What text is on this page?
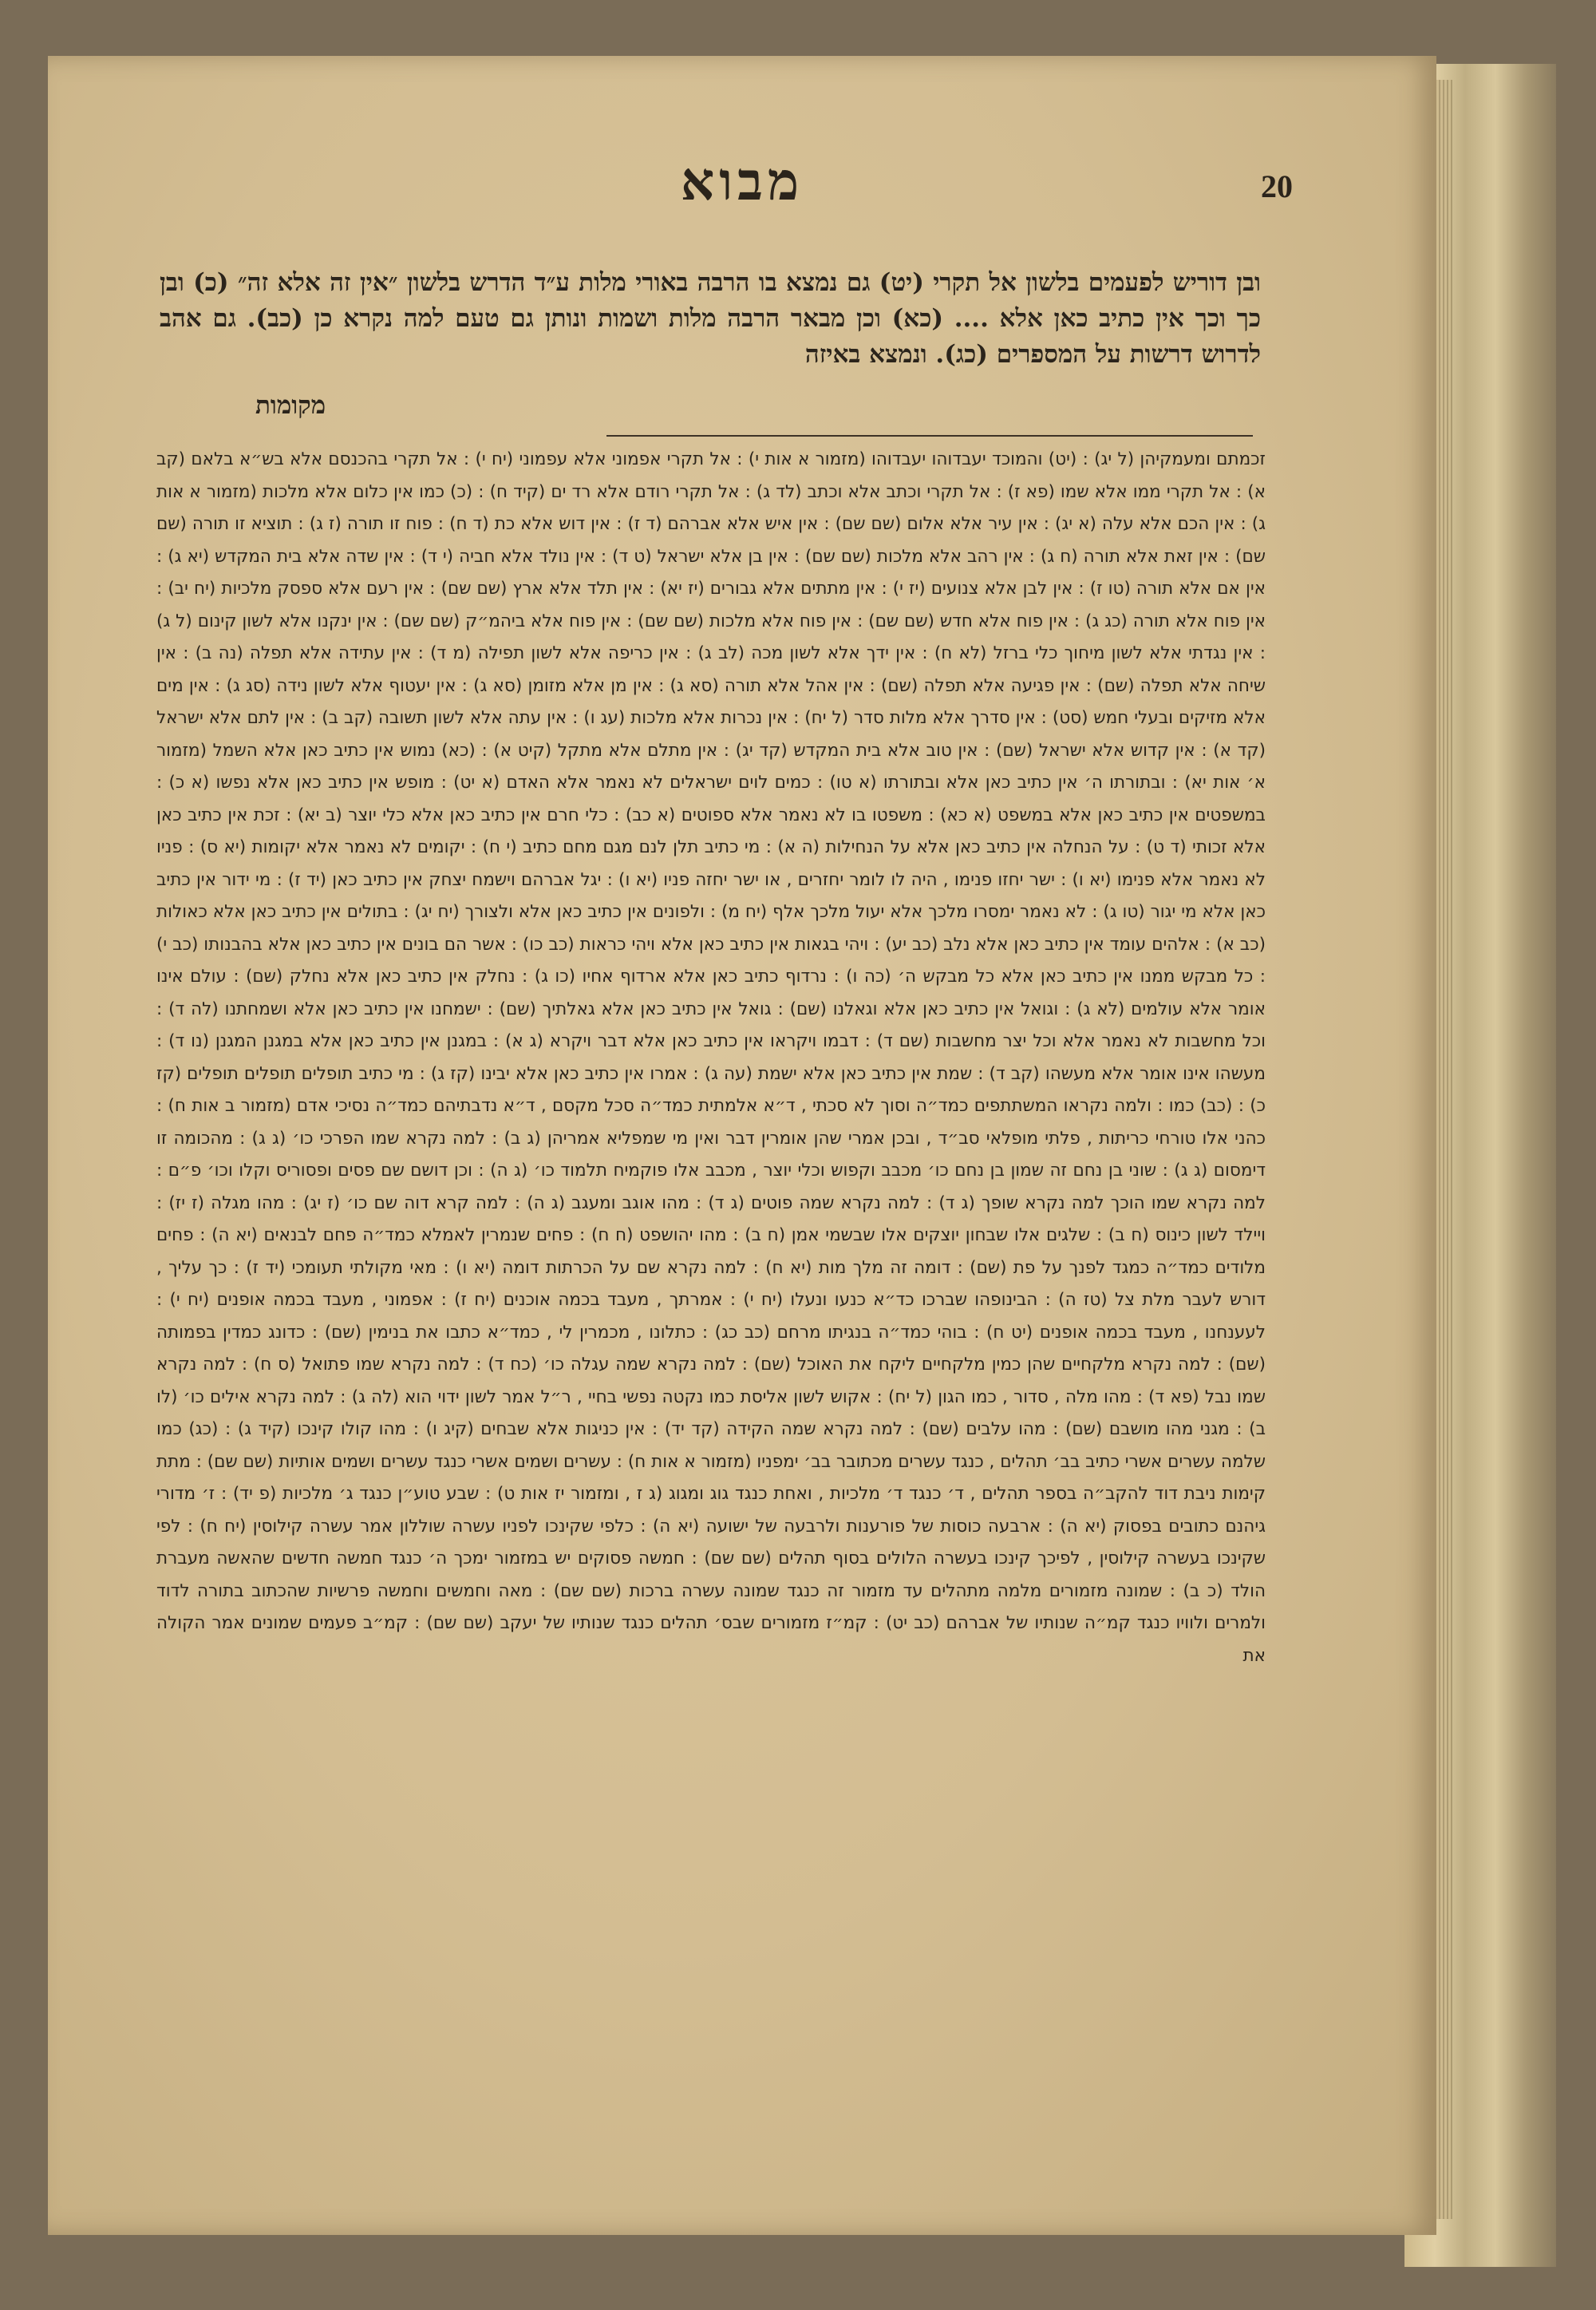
20
מבוא

ובן דוריש לפעמים בלשון אל תקרי (יט) גם נמצא בו הרבה באורי מלות ע״ד הדרש בלשון ״אין זה אלא זה״ (כ) ובן כך וכך אין כתיב כאן אלא .... (כא) וכן מבאר הרבה מלות ושמות ונותן גם טעם למה נקרא כן (כב). גם אהב לדרוש דרשות על המספרים (כג). ונמצא באיזה

מקומות

זכמתם ומעמקיהן (ל יג) : (יט) והמוכד יעבדוהו יעבדוהו (מזמור א אות י) : אל תקרי אפמוני אלא עפמוני (יח י) : אל תקרי בהכנסם אלא בש״א בלאם (קב א) : אל תקרי ממו אלא שמו (פא ז) : אל תקרי וכתב אלא וכתב (לד ג) : אל תקרי רודם אלא רד ים (קיד ח) : (כ) כמו אין כלום אלא מלכות (מזמור א אות ג) : אין הכם אלא עלה (א יג) : אין עיר אלא אלום (שם שם) : אין איש אלא אברהם (ד ז) : אין דוש אלא כת (ד ח) : פוח זו תורה (ז ג) : תוציא זו תורה (שם שם) : אין זאת אלא תורה (ח ג) : אין רהב אלא מלכות (שם שם) : אין בן אלא ישראל (ט ד) : אין נולד אלא חביה (י ד) : אין שדה אלא בית המקדש (יא ג) : אין אם אלא תורה (טו ז) : אין לבן אלא צנועים (יז י) : אין מתתים אלא גבורים (יז יא) : אין תלד אלא ארץ (שם שם) : אין רעם אלא ספסק מלכיות (יח יב) : אין פוח אלא תורה (כג ג) : אין פוח אלא חדש (שם שם) : אין פוח אלא מלכות (שם שם) : אין פוח אלא ביהמ״ק (שם שם) : אין ינקנו אלא לשון קינום (ל ג) : אין נגדתי אלא לשון מיחוך כלי ברזל (לא ח) : אין ידך אלא לשון מכה (לב ג) : אין כריפה אלא לשון תפילה (מ ד) : אין עתידה אלא תפלה (נה ב) : אין שיחה אלא תפלה (שם) : אין פגיעה אלא תפלה (שם) : אין אהל אלא תורה (סא ג) : אין מן אלא מזומן (סא ג) : אין יעטוף אלא לשון נידה (סג ג) : אין מים אלא מזיקים ובעלי חמש (סט) : אין סדרך אלא מלות סדר (ל יח) : אין נכרות אלא מלכות (עג ו) : אין עתה אלא לשון תשובה (קב ב) : אין לתם אלא ישראל (קד א) : אין קדוש אלא ישראל (שם) : אין טוב אלא בית המקדש (קד יג) : אין מתלם אלא מתקל (קיט א) : (כא) נמוש אין כתיב כאן אלא השמל (מזמור א׳ אות יא) : ובתורתו ה׳ אין כתיב כאן אלא ובתורתו (א טו) : כמים לוים ישראלים לא נאמר אלא האדם (א יט) : מופש אין כתיב כאן אלא נפשו (א כ) : במשפטים אין כתיב כאן אלא במשפט (א כא) : משפטו בו לא נאמר אלא ספוטים (א כב) : כלי חרם אין כתיב כאן אלא כלי יוצר (ב יא) : זכת אין כתיב כאן אלא זכותי (ד ט) : על הנחלה אין כתיב כאן אלא על הנחילות (ה א) : מי כתיב תלן לנם מגם מחם כתיב (י ח) : יקומים לא נאמר אלא יקומות (יא ס) : פניו לא נאמר אלא פנימו (יא ו) : ישר יחזו פנימו , היה לו לומר יחזרים , או ישר יחזה פניו (יא ו) : יגל אברהם וישמח יצחק אין כתיב כאן (יד ז) : מי ידור אין כתיב כאן אלא מי יגור (טו ג) : לא נאמר ימסרו מלכך אלא יעול מלכך אלף (יח מ) : ולפונים אין כתיב כאן אלא ולצורך (יח יג) : בתולים אין כתיב כאן אלא כאולות (כב א) : אלהים עומד אין כתיב כאן אלא נלב (כב יע) : ויהי בגאות אין כתיב כאן אלא ויהי כראות (כב כו) : אשר הם בונים אין כתיב כאן אלא בהבנותו (כב י) : כל מבקש ממנו אין כתיב כאן אלא כל מבקש ה׳ (כה ו) : נרדוף כתיב כאן אלא ארדוף אחיו (כו ג) : נחלק אין כתיב כאן אלא נחלק (שם) : עולם אינו אומר אלא עולמים (לא ג) : וגואל אין כתיב כאן אלא וגאלנו (שם) : גואל אין כתיב כאן אלא גאלתיך (שם) : ישמחנו אין כתיב כאן אלא ושמחתנו (לה ד) : וכל מחשבות לא נאמר אלא וכל יצר מחשבות (שם ד) : דבמו ויקראו אין כתיב כאן אלא דבר ויקרא (ג א) : במגנן אין כתיב כאן אלא במגנן המגנן (נו ד) : מעשהו אינו אומר אלא מעשהו (קב ד) : שמת אין כתיב כאן אלא ישמת (עה ג) : אמרו אין כתיב כאן אלא יבינו (קז ג) : מי כתיב תופלים תופלים תופלים (קז כ) : (כב) כמו : ולמה נקראו המשתתפים כמד״ה וסוך לא סכתי , ד״א אלמתית כמד״ה סכל מקסם , ד״א נדבתיהם כמד״ה נסיכי אדם (מזמור ב אות ח) : כהני אלו טורחי כריתות , פלתי מופלאי סב״ד , ובכן אמרי שהן אומרין דבר ואין מי שמפליא אמריהן (ג ב) : למה נקרא שמו הפרכי כו׳ (ג ג) : מהכומה זו דימסום (ג ג) : שוני בן נחם זה שמון בן נחם כו׳ מכבב וקפוש וכלי יוצר , מכבב אלו פוקמיח תלמוד כו׳ (ג ה) : וכן דושם שם פסים ופסוריס וקלו וכו׳ פ״ם : למה נקרא שמו הוכך למה נקרא שופך (ג ד) : למה נקרא שמה פוטים (ג ד) : מהו אוגב ומעגב (ג ה) : למה קרא דוה שם כו׳ (ז יג) : מהו מגלה (ז יז) : ויילד לשון כינוס (ח ב) : שלגים אלו שבחון יוצקים אלו שבשמי אמן (ח ב) : מהו יהושפט (ח ח) : פחים שנמרין לאמלא כמד״ה פחם לבנאים (יא ה) : פחים מלודים כמד״ה כמגד לפנך על פת (שם) : דומה זה מלך מות (יא ח) : למה נקרא שם על הכרתות דומה (יא ו) : מאי מקולתי תעומכי (יד ז) : כך עליך , דורש לעבר מלת צל (טז ה) : הבינופהו שברכו כד״א כנעו ונעלו (יח י) : אמרתך , מעבד בכמה אוכנים (יח ז) : אפמוני , מעבד בכמה אופנים (יח י) : לעענחנו , מעבד בכמה אופנים (יט ח) : בוהי כמד״ה בנגיתו מרחם (כב כג) : כתלונו , מכמרין לי , כמד״א כתבו את בנימין (שם) : כדונג כמדין בפמותה (שם) : למה נקרא מלקחיים שהן כמין מלקחיים ליקח את האוכל (שם) : למה נקרא שמה עגלה כו׳ (כח ד) : למה נקרא שמו פתואל (ס ח) : למה נקרא שמו נבל (פא ד) : מהו מלה , סדור , כמו הגון (ל יח) : אקוש לשון אליסת כמו נקטה נפשי בחיי , ר״ל אמר לשון ידוי הוא (לה ג) : למה נקרא אילים כו׳ (לו ב) : מגני מהו מושבם (שם) : מהו עלבים (שם) : למה נקרא שמה הקידה (קד יד) : אין כניגות אלא שבחים (קיג ו) : מהו קולו קינכו (קיד ג) : (כג) כמו שלמה עשרים אשרי כתיב בב׳ תהלים , כנגד עשרים מכתובר בב׳ ימפניו (מזמור א אות ח) : עשרים ושמים אשרי כנגד עשרים ושמים אותיות (שם שם) : מתת קימות ניבת דוד להקב״ה בספר תהלים , ד׳ כנגד ד׳ מלכיות , ואחת כנגד גוג ומגוג (ג ז , ומזמור יז אות ט) : שבע טוע״ן כנגד ג׳ מלכיות (פ יד) : ז׳ מדורי גיהנם כתובים בפסוק (יא ה) : ארבעה כוסות של פורענות ולרבעה של ישועה (יא ה) : כלפי שקינכו לפניו עשרה שוללון אמר עשרה קילוסין (יח ח) : לפי שקינכו בעשרה קילוסין , לפיכך קינכו בעשרה הלולים בסוף תהלים (שם שם) : חמשה פסוקים יש במזמור ימכך ה׳ כנגד חמשה חדשים שהאשה מעברת הולד (כ ב) : שמונה מזמורים מלמה מתהלים עד מזמור זה כנגד שמונה עשרה ברכות (שם שם) : מאה וחמשים וחמשה פרשיות שהכתוב בתורה לדוד ולמרים ולוויו כנגד קמ״ה שנותיו של אברהם (כב יט) : קמ״ז מזמורים שבס׳ תהלים כנגד שנותיו של יעקב (שם שם) : קמ״ב פעמים שמונים אמר הקולה את
